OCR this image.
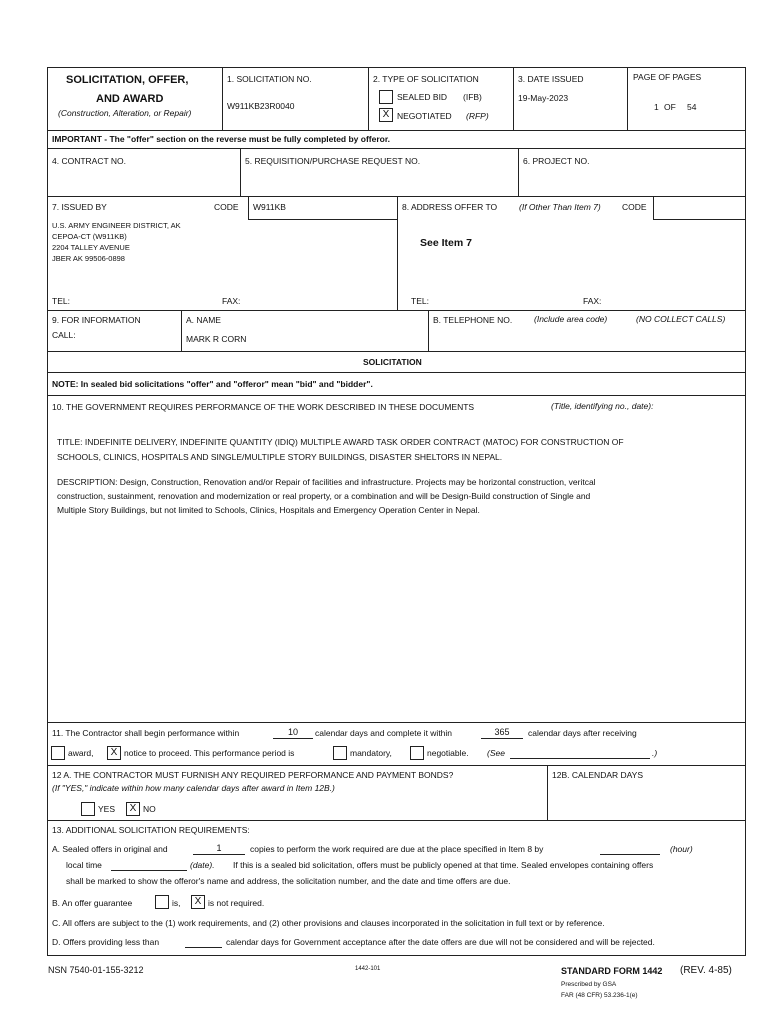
SOLICITATION, OFFER,
AND AWARD
(Construction, Alteration, or Repair)
1. SOLICITATION NO.
W911KB23R0040
2. TYPE OF SOLICITATION
SEALED BID (IFB)
X NEGOTIATED (RFP)
3. DATE ISSUED
19-May-2023
PAGE OF PAGES
1 OF 54
IMPORTANT - The "offer" section on the reverse must be fully completed by offeror.
4. CONTRACT NO.	5. REQUISITION/PURCHASE REQUEST NO.	6. PROJECT NO.
7. ISSUED BY	CODE W911KB
U.S. ARMY ENGINEER DISTRICT, AK
CEPOA-CT (W911KB)
2204 TALLEY AVENUE
JBER AK 99506-0898
TEL:	FAX:
8. ADDRESS OFFER TO	(If Other Than Item 7)	CODE
See Item 7
TEL:	FAX:
9. FOR INFORMATION
CALL:
A. NAME
MARK R CORN
B. TELEPHONE NO.	(Include area code)	(NO COLLECT CALLS)
SOLICITATION
NOTE: In sealed bid solicitations "offer" and "offeror" mean "bid" and "bidder".
10. THE GOVERNMENT REQUIRES PERFORMANCE OF THE WORK DESCRIBED IN THESE DOCUMENTS	(Title, identifying no., date):
TITLE: INDEFINITE DELIVERY, INDEFINITE QUANTITY (IDIQ) MULTIPLE AWARD TASK ORDER CONTRACT (MATOC) FOR CONSTRUCTION OF
SCHOOLS, CLINICS, HOSPITALS AND SINGLE/MULTIPLE STORY BUILDINGS, DISASTER SHELTORS IN NEPAL.
DESCRIPTION: Design, Construction, Renovation and/or Repair of facilities and infrastructure. Projects may be horizontal construction, veritcal
construction, sustainment, renovation and modernization or real property, or a combination and will be Design-Build construction of Single and
Multiple Story Buildings, but not limited to Schools, Clinics, Hospitals and Emergency Operation Center in Nepal.
11. The Contractor shall begin performance within	10	calendar days and complete it within	365	calendar days after receiving
award,	X notice to proceed. This performance period is	mandatory,	negotiable. (See	.)
12 A. THE CONTRACTOR MUST FURNISH ANY REQUIRED PERFORMANCE AND PAYMENT BONDS?
(If "YES," indicate within how many calendar days after award in Item 12B.)
YES	X NO
12B. CALENDAR DAYS
13. ADDITIONAL SOLICITATION REQUIREMENTS:
A. Sealed offers in original and	1	copies to perform the work required are due at the place specified in Item 8 by	(hour)
local time	(date). If this is a sealed bid solicitation, offers must be publicly opened at that time. Sealed envelopes containing offers
shall be marked to show the offeror's name and address, the solicitation number, and the date and time offers are due.
B. An offer guarantee	is,	X is not required.
C. All offers are subject to the (1) work requirements, and (2) other provisions and clauses incorporated in the solicitation in full text or by reference.
D. Offers providing less than	calendar days for Government acceptance after the date offers are due will not be considered and will be rejected.
NSN 7540-01-155-3212	1442-101	STANDARD FORM 1442 (REV. 4-85)
Prescribed by GSA
FAR (48 CFR) 53.236-1(e)
